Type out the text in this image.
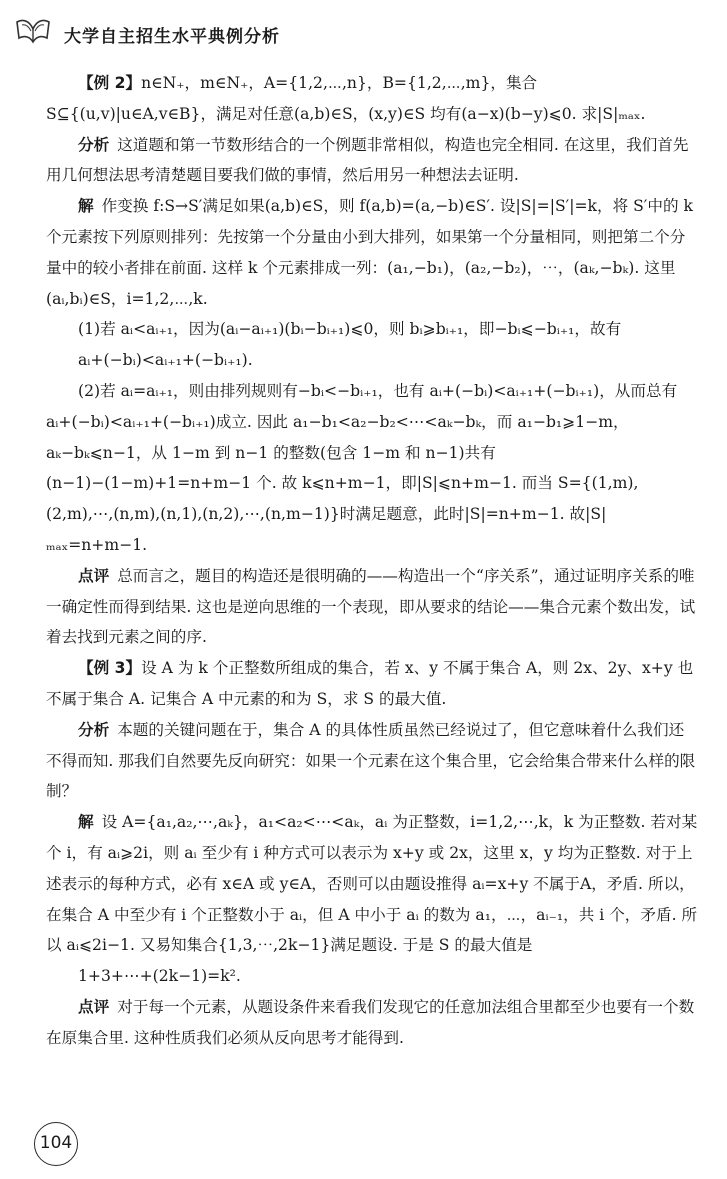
大学自主招生水平典例分析

【例 2】n∈N₊，m∈N₊，A={1,2,⋯,n}，B={1,2,⋯,m}，集合 S⊆{(u,v)|u∈A,v∈B}，满足对任意(a,b)∈S，(x,y)∈S 均有(a−x)(b−y)⩽0. 求|S|ₘₐₓ.

分析 这道题和第一节数形结合的一个例题非常相似，构造也完全相同. 在这里，我们首先用几何想法思考清楚题目要我们做的事情，然后用另一种想法去证明.

解 作变换 f:S→S′满足如果(a,b)∈S，则 f(a,b)=(a,−b)∈S′. 设|S|=|S′|=k，将 S′中的 k 个元素按下列原则排列：先按第一个分量由小到大排列，如果第一个分量相同，则把第二个分量中的较小者排在前面. 这样 k 个元素排成一列：(a₁,−b₁)，(a₂,−b₂)，⋯，(aₖ,−bₖ). 这里(aᵢ,bᵢ)∈S，i=1,2,⋯,k.

(1)若 aᵢ<aᵢ₊₁，因为(aᵢ−aᵢ₊₁)(bᵢ−bᵢ₊₁)⩽0，则 bᵢ⩾bᵢ₊₁，即−bᵢ⩽−bᵢ₊₁，故有

aᵢ+(−bᵢ)<aᵢ₊₁+(−bᵢ₊₁).

(2)若 aᵢ=aᵢ₊₁，则由排列规则有−bᵢ<−bᵢ₊₁，也有 aᵢ+(−bᵢ)<aᵢ₊₁+(−bᵢ₊₁)，从而总有 aᵢ+(−bᵢ)<aᵢ₊₁+(−bᵢ₊₁)成立. 因此 a₁−b₁<a₂−b₂<⋯<aₖ−bₖ，而 a₁−b₁⩾1−m，aₖ−bₖ⩽n−1，从 1−m 到 n−1 的整数(包含 1−m 和 n−1)共有(n−1)−(1−m)+1=n+m−1 个. 故 k⩽n+m−1，即|S|⩽n+m−1. 而当 S={(1,m),(2,m),⋯,(n,m),(n,1),(n,2),⋯,(n,m−1)}时满足题意，此时|S|=n+m−1. 故|S|ₘₐₓ=n+m−1.

点评 总而言之，题目的构造还是很明确的——构造出一个“序关系”，通过证明序关系的唯一确定性而得到结果. 这也是逆向思维的一个表现，即从要求的结论——集合元素个数出发，试着去找到元素之间的序.

【例 3】设 A 为 k 个正整数所组成的集合，若 x、y 不属于集合 A，则 2x、2y、x+y 也不属于集合 A. 记集合 A 中元素的和为 S，求 S 的最大值.

分析 本题的关键问题在于，集合 A 的具体性质虽然已经说过了，但它意味着什么我们还不得而知. 那我们自然要先反向研究：如果一个元素在这个集合里，它会给集合带来什么样的限制？

解 设 A={a₁,a₂,⋯,aₖ}，a₁<a₂<⋯<aₖ，aᵢ 为正整数，i=1,2,⋯,k，k 为正整数. 若对某个 i，有 aᵢ⩾2i，则 aᵢ 至少有 i 种方式可以表示为 x+y 或 2x，这里 x，y 均为正整数. 对于上述表示的每种方式，必有 x∈A 或 y∈A，否则可以由题设推得 aᵢ=x+y 不属于A，矛盾. 所以，在集合 A 中至少有 i 个正整数小于 aᵢ，但 A 中小于 aᵢ 的数为 a₁，⋯，aᵢ₋₁，共 i 个，矛盾. 所以 aᵢ⩽2i−1. 又易知集合{1,3,⋯,2k−1}满足题设. 于是 S 的最大值是

1+3+⋯+(2k−1)=k².

点评 对于每一个元素，从题设条件来看我们发现它的任意加法组合里都至少也要有一个数在原集合里. 这种性质我们必须从反向思考才能得到.

104
